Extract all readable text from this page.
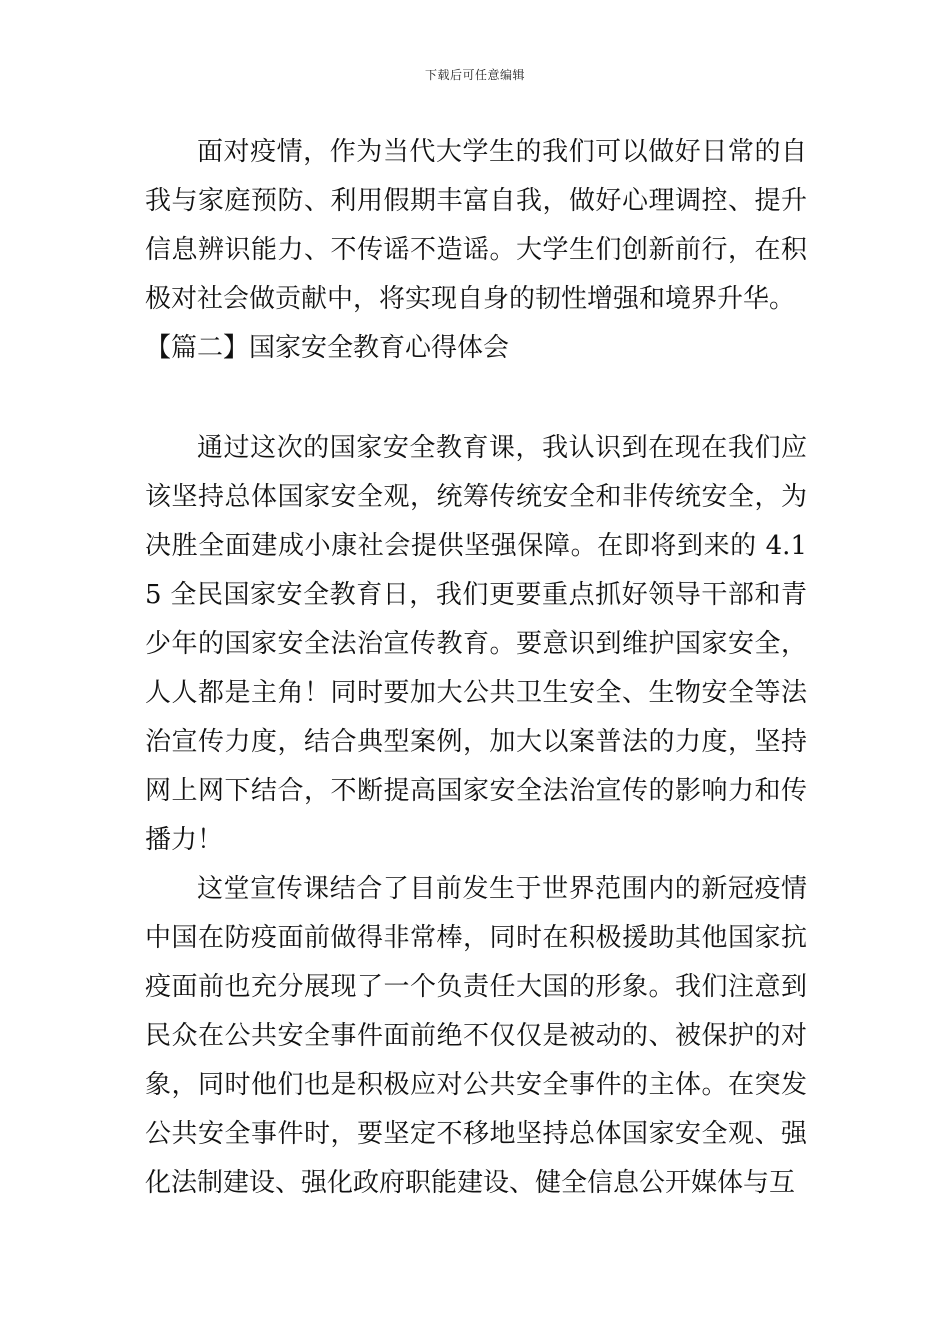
下载后可任意编辑

面对疫情，作为当代大学生的我们可以做好日常的自我与家庭预防、利用假期丰富自我，做好心理调控、提升信息辨识能力、不传谣不造谣。大学生们创新前行，在积极对社会做贡献中，将实现自身的韧性增强和境界升华。

【篇二】国家安全教育心得体会

通过这次的国家安全教育课，我认识到在现在我们应该坚持总体国家安全观，统筹传统安全和非传统安全，为决胜全面建成小康社会提供坚强保障。在即将到来的 4.15 全民国家安全教育日，我们更要重点抓好领导干部和青少年的国家安全法治宣传教育。要意识到维护国家安全，人人都是主角！同时要加大公共卫生安全、生物安全等法治宣传力度，结合典型案例，加大以案普法的力度，坚持网上网下结合，不断提高国家安全法治宣传的影响力和传播力！

这堂宣传课结合了目前发生于世界范围内的新冠疫情中国在防疫面前做得非常棒，同时在积极援助其他国家抗疫面前也充分展现了一个负责任大国的形象。我们注意到民众在公共安全事件面前绝不仅仅是被动的、被保护的对象，同时他们也是积极应对公共安全事件的主体。在突发公共安全事件时，要坚定不移地坚持总体国家安全观、强化法制建设、强化政府职能建设、健全信息公开媒体与互
